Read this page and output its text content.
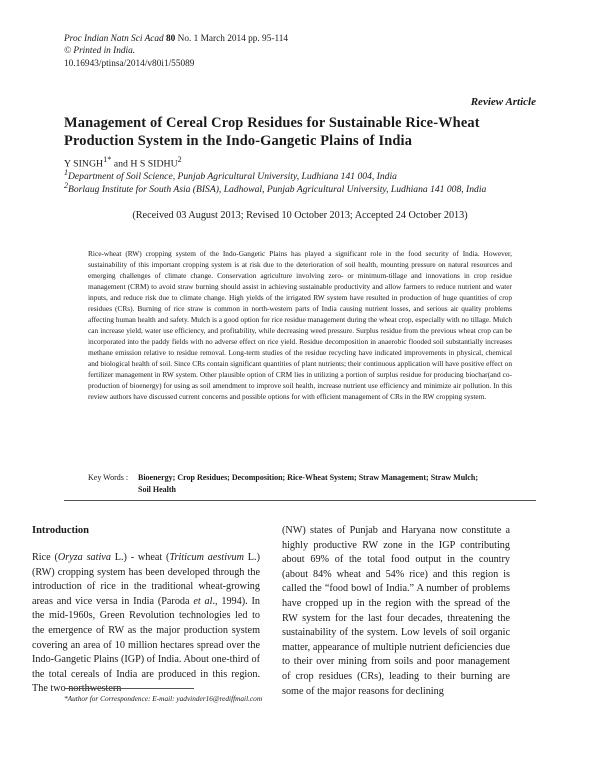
Proc Indian Natn Sci Acad 80 No. 1 March 2014 pp. 95-114
© Printed in India.
10.16943/ptinsa/2014/v80i1/55089
Review Article
Management of Cereal Crop Residues for Sustainable Rice-Wheat Production System in the Indo-Gangetic Plains of India
Y $SINGH^{1*}$ and H S SIDHU$^2$
$^1$Department of Soil Science, Punjab Agricultural University, Ludhiana 141 004, India
$^2$Borlaug Institute for South Asia (BISA), Ladhowal, Punjab Agricultural University, Ludhiana 141 008, India
(Received 03 August 2013; Revised 10 October 2013; Accepted 24 October 2013)
Rice-wheat (RW) cropping system of the Indo-Gangetic Plains has played a significant role in the food security of India. However, sustainability of this important cropping system is at risk due to the deterioration of soil health, mounting pressure on natural resources and emerging challenges of climate change. Conservation agriculture involving zero- or minimum-tillage and innovations in crop residue management (CRM) to avoid straw burning should assist in achieving sustainable productivity and allow farmers to reduce nutrient and water inputs, and reduce risk due to climate change. High yields of the irrigated RW system have resulted in production of huge quantities of crop residues (CRs). Burning of rice straw is common in north-western parts of India causing nutrient losses, and serious air quality problems affecting human health and safety. Mulch is a good option for rice residue management during the wheat crop, especially with no tillage. Mulch can increase yield, water use efficiency, and profitability, while decreasing weed pressure. Surplus residue from the previous wheat crop can be incorporated into the paddy fields with no adverse effect on rice yield. Residue decomposition in anaerobic flooded soil substantially increases methane emission relative to residue removal. Long-term studies of the residue recycling have indicated improvements in physical, chemical and biological health of soil. Since CRs contain significant quantities of plant nutrients; their continuous application will have positive effect on fertilizer management in RW system. Other plausible option of CRM lies in utilizing a portion of surplus residue for producing biochar(and co-production of bioenergy) for using as soil amendment to improve soil health, increase nutrient use efficiency and minimize air pollution. In this review authors have discussed current concerns and possible options for with efficient management of CRs in the RW cropping system.
Key Words : Bioenergy; Crop Residues; Decomposition; Rice-Wheat System; Straw Management; Straw Mulch;
Soil Health
Introduction

Rice (Oryza sativa L.) - wheat (Triticum aestivum L.) (RW) cropping system has been developed through the introduction of rice in the traditional wheat-growing areas and vice versa in India (Paroda et al., 1994). In the mid-1960s, Green Revolution technologies led to the emergence of RW as the major production system covering an area of 10 million hectares spread over the Indo-Gangetic Plains (IGP) of India. About one-third of the total cereals of India are produced in this region. The two northwestern

(NW) states of Punjab and Haryana now constitute a highly productive RW zone in the IGP contributing about 69% of the total food output in the country (about 84% wheat and 54% rice) and this region is called the “food bowl of India.” A number of problems have cropped up in the region with the spread of the RW system for the last four decades, threatening the sustainability of the system. Low levels of soil organic matter, appearance of multiple nutrient deficiencies due to their over mining from soils and poor management of crop residues (CRs), leading to their burning are some of the major reasons for declining

*Author for Correspondence: E-mail: yadvinder16@rediffmail.com
